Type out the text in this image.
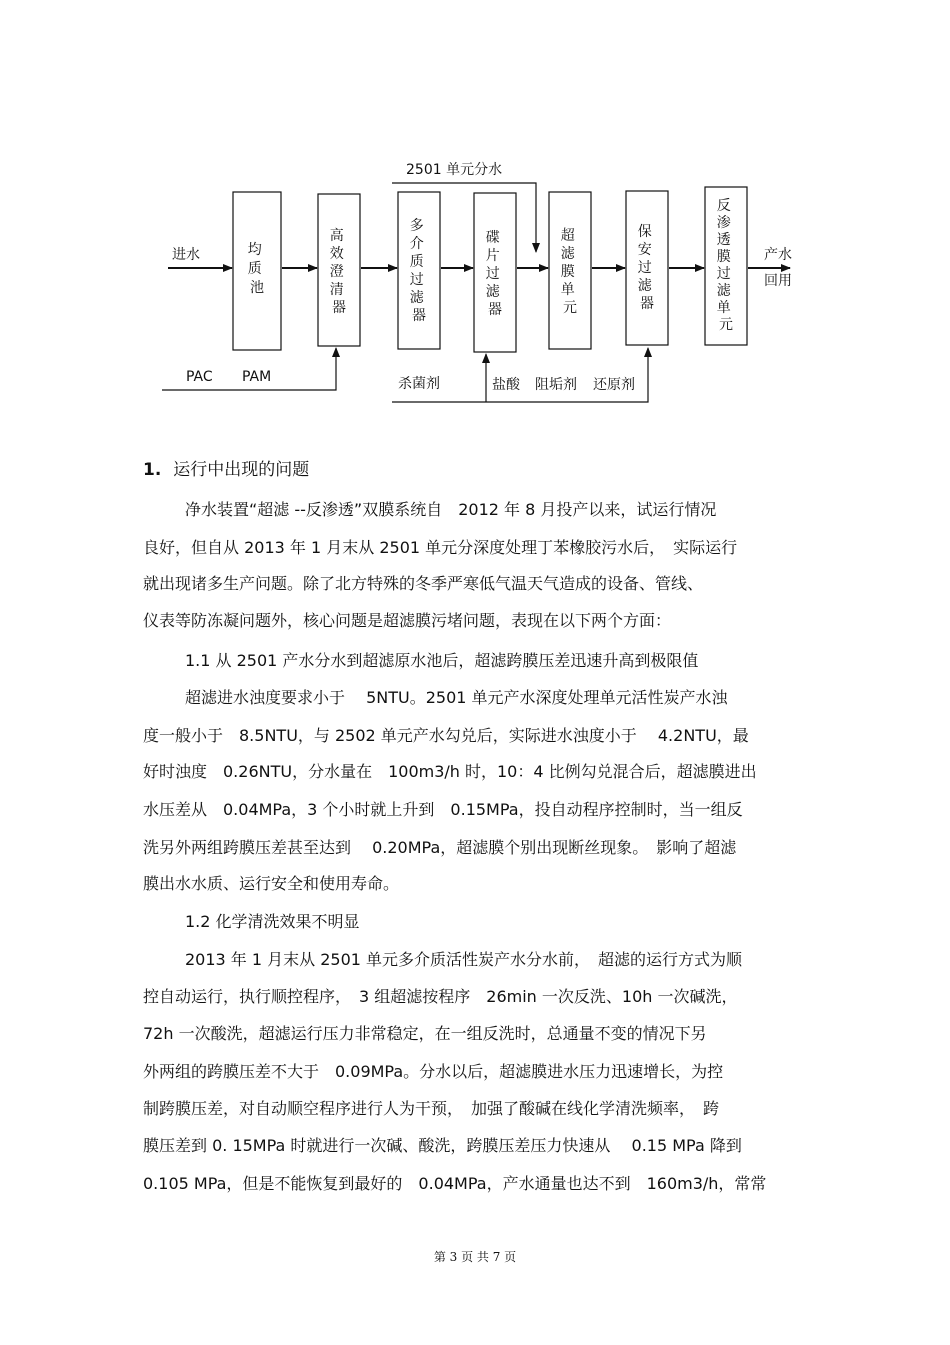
2501 单元分水
进水	均 质 池
高 效 澄 清 器
多 介 质 过 滤 器
碟 片 过 滤 器
超 滤 膜 单 元
保 安 过 滤 器
反 渗 透 膜 过 滤 单 元
产水
回用
PAC PAM	杀菌剂	盐酸 阻垢剂 还原剂
1. 运行中出现的问题
净水装置“超滤 --反渗透”双膜系统自　2012 年 8 月投产以来，试运行情况
良好，但自从 2013 年 1 月末从 2501 单元分深度处理丁苯橡胶污水后，　实际运行
就出现诸多生产问题。除了北方特殊的冬季严寒低气温天气造成的设备、管线、
仪表等防冻凝问题外，核心问题是超滤膜污堵问题，表现在以下两个方面：
1.1 从 2501 产水分水到超滤原水池后，超滤跨膜压差迅速升高到极限值
超滤进水浊度要求小于　 5NTU。2501 单元产水深度处理单元活性炭产水浊
度一般小于　8.5NTU，与 2502 单元产水勾兑后，实际进水浊度小于　 4.2NTU，最
好时浊度　0.26NTU，分水量在　100m3/h 时，10：4 比例勾兑混合后，超滤膜进出
水压差从　0.04MPa，3 个小时就上升到　0.15MPa，投自动程序控制时，当一组反
洗另外两组跨膜压差甚至达到　 0.20MPa，超滤膜个别出现断丝现象。　影响了超滤
膜出水水质、运行安全和使用寿命。
1.2 化学清洗效果不明显
2013 年 1 月末从 2501 单元多介质活性炭产水分水前，　超滤的运行方式为顺
控自动运行，执行顺控程序，　3 组超滤按程序　26min 一次反洗、10h 一次碱洗，
72h 一次酸洗，超滤运行压力非常稳定，在一组反洗时，总通量不变的情况下另
外两组的跨膜压差不大于　0.09MPa。分水以后，超滤膜进水压力迅速增长，为控
制跨膜压差，对自动顺空程序进行人为干预，　加强了酸碱在线化学清洗频率，　跨
膜压差到 0. 15MPa 时就进行一次碱、酸洗，跨膜压差压力快速从　 0.15 MPa 降到
0.105 MPa，但是不能恢复到最好的　0.04MPa，产水通量也达不到　160m3/h，常常
第 3 页 共 7 页
